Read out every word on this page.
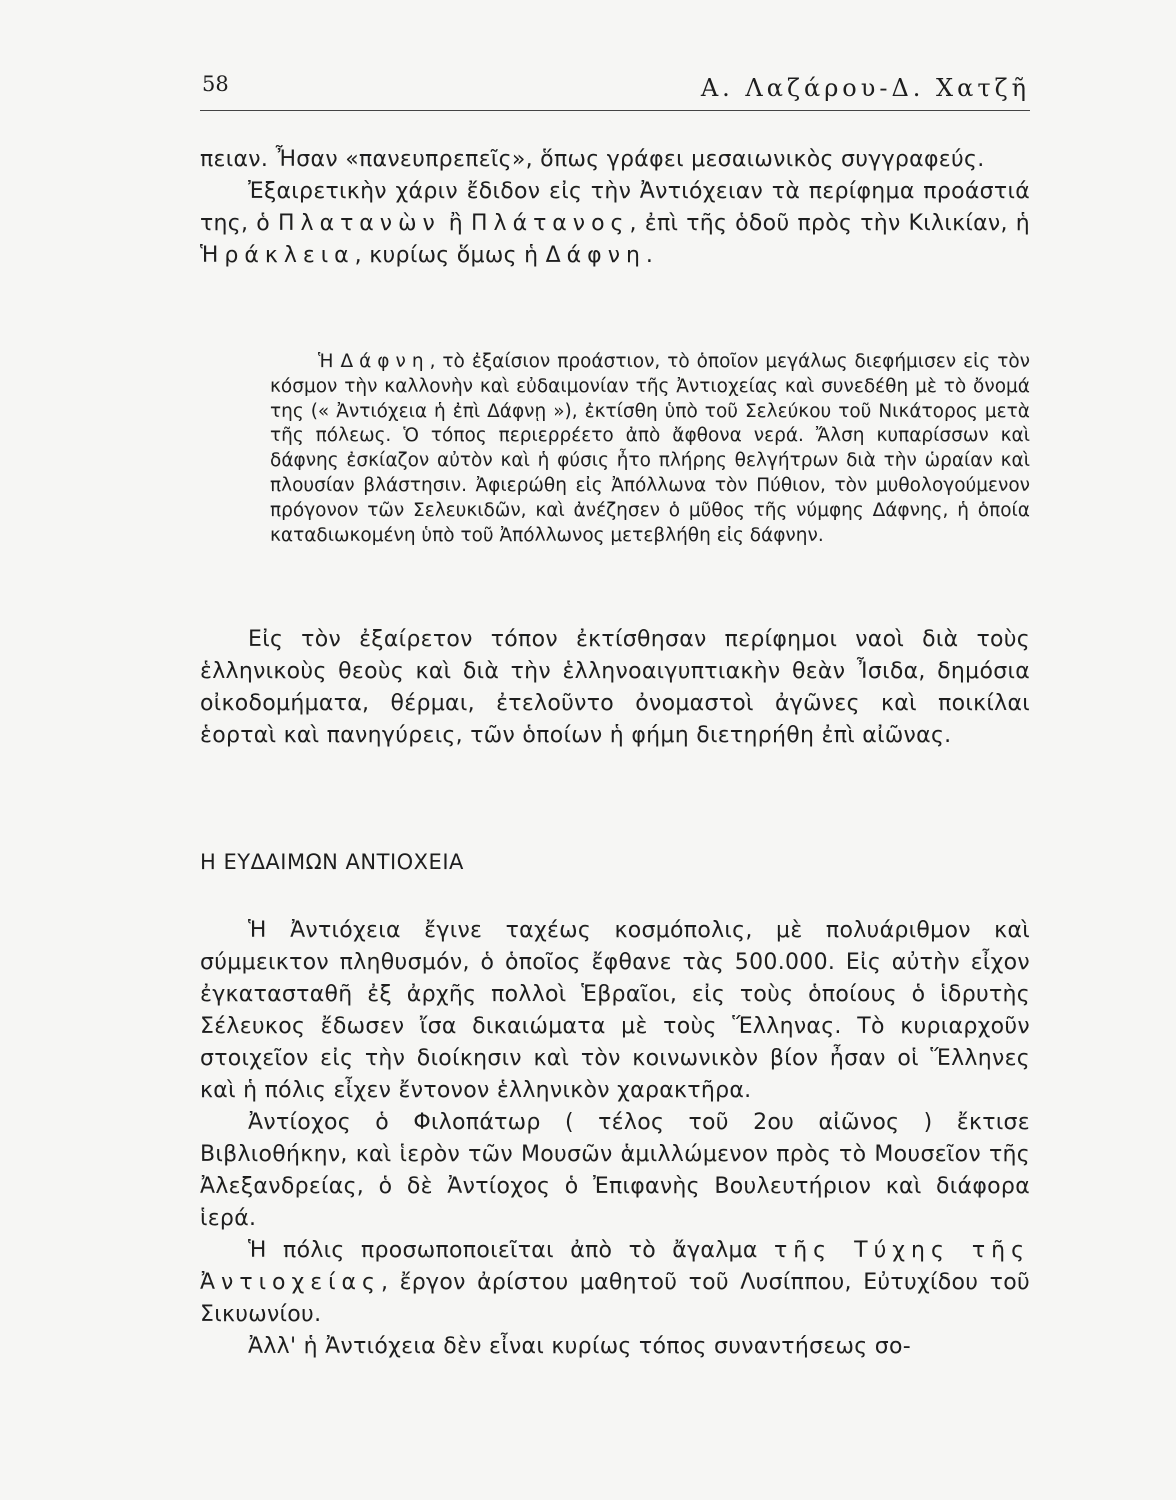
58	Α. Λαζάρου-Δ. Χατζῆ

πειαν. Ἦσαν «πανευπρεπεῖς», ὅπως γράφει μεσαιωνικὸς συγγραφεύς.

Ἐξαιρετικὴν χάριν ἔδιδον εἰς τὴν Ἀντιόχειαν τὰ περίφημα προάστιά της, ὁ Πλατανὼν ἢ Πλάτανος, ἐπὶ τῆς ὁδοῦ πρὸς τὴν Κιλικίαν, ἡ Ἡράκλεια, κυρίως ὅμως ἡ Δάφνη.

Ἡ Δάφνη, τὸ ἐξαίσιον προάστιον, τὸ ὁποῖον μεγάλως διεφήμισεν εἰς τὸν κόσμον τὴν καλλονὴν καὶ εὐδαιμονίαν τῆς Ἀντιοχείας καὶ συνεδέθη μὲ τὸ ὄνομά της (« Ἀντιόχεια ἡ ἐπὶ Δάφνῃ »), ἐκτίσθη ὑπὸ τοῦ Σελεύκου τοῦ Νικάτορος μετὰ τῆς πόλεως. Ὁ τόπος περιερρέετο ἀπὸ ἄφθονα νερά. Ἄλση κυπαρίσσων καὶ δάφνης ἐσκίαζον αὐτὸν καὶ ἡ φύσις ἦτο πλήρης θελγήτρων διὰ τὴν ὡραίαν καὶ πλουσίαν βλάστησιν. Ἀφιερώθη εἰς Ἀπόλλωνα τὸν Πύθιον, τὸν μυθολογούμενον πρόγονον τῶν Σελευκιδῶν, καὶ ἀνέζησεν ὁ μῦθος τῆς νύμφης Δάφνης, ἡ ὁποία καταδιωκομένη ὑπὸ τοῦ Ἀπόλλωνος μετεβλήθη εἰς δάφνην.

Εἰς τὸν ἐξαίρετον τόπον ἐκτίσθησαν περίφημοι ναοὶ διὰ τοὺς ἑλληνικοὺς θεοὺς καὶ διὰ τὴν ἑλληνοαιγυπτιακὴν θεὰν Ἶσιδα, δημόσια οἰκοδομήματα, θέρμαι, ἐτελοῦντο ὀνομαστοὶ ἀγῶνες καὶ ποικίλαι ἑορταὶ καὶ πανηγύρεις, τῶν ὁποίων ἡ φήμη διετηρήθη ἐπὶ αἰῶνας.

Η ΕΥΔΑΙΜΩΝ ΑΝΤΙΟΧΕΙΑ

Ἡ Ἀντιόχεια ἔγινε ταχέως κοσμόπολις, μὲ πολυάριθμον καὶ σύμμεικτον πληθυσμόν, ὁ ὁποῖος ἔφθανε τὰς 500.000. Εἰς αὐτὴν εἶχον ἐγκατασταθῆ ἐξ ἀρχῆς πολλοὶ Ἑβραῖοι, εἰς τοὺς ὁποίους ὁ ἱδρυτὴς Σέλευκος ἔδωσεν ἴσα δικαιώματα μὲ τοὺς Ἕλληνας. Τὸ κυριαρχοῦν στοιχεῖον εἰς τὴν διοίκησιν καὶ τὸν κοινωνικὸν βίον ἦσαν οἱ Ἕλληνες καὶ ἡ πόλις εἶχεν ἔντονον ἑλληνικὸν χαρακτῆρα.

Ἀντίοχος ὁ Φιλοπάτωρ ( τέλος τοῦ 2ου αἰῶνος ) ἔκτισε Βιβλιοθήκην, καὶ ἱερὸν τῶν Μουσῶν ἁμιλλώμενον πρὸς τὸ Μουσεῖον τῆς Ἀλεξανδρείας, ὁ δὲ Ἀντίοχος ὁ Ἐπιφανὴς Βουλευτήριον καὶ διάφορα ἱερά.

Ἡ πόλις προσωποποιεῖται ἀπὸ τὸ ἄγαλμα τῆς Τύχης τῆς Ἀντιοχείας, ἔργον ἀρίστου μαθητοῦ τοῦ Λυσίππου, Εὐτυχίδου τοῦ Σικυωνίου.

Ἀλλ' ἡ Ἀντιόχεια δὲν εἶναι κυρίως τόπος συναντήσεως σο-
